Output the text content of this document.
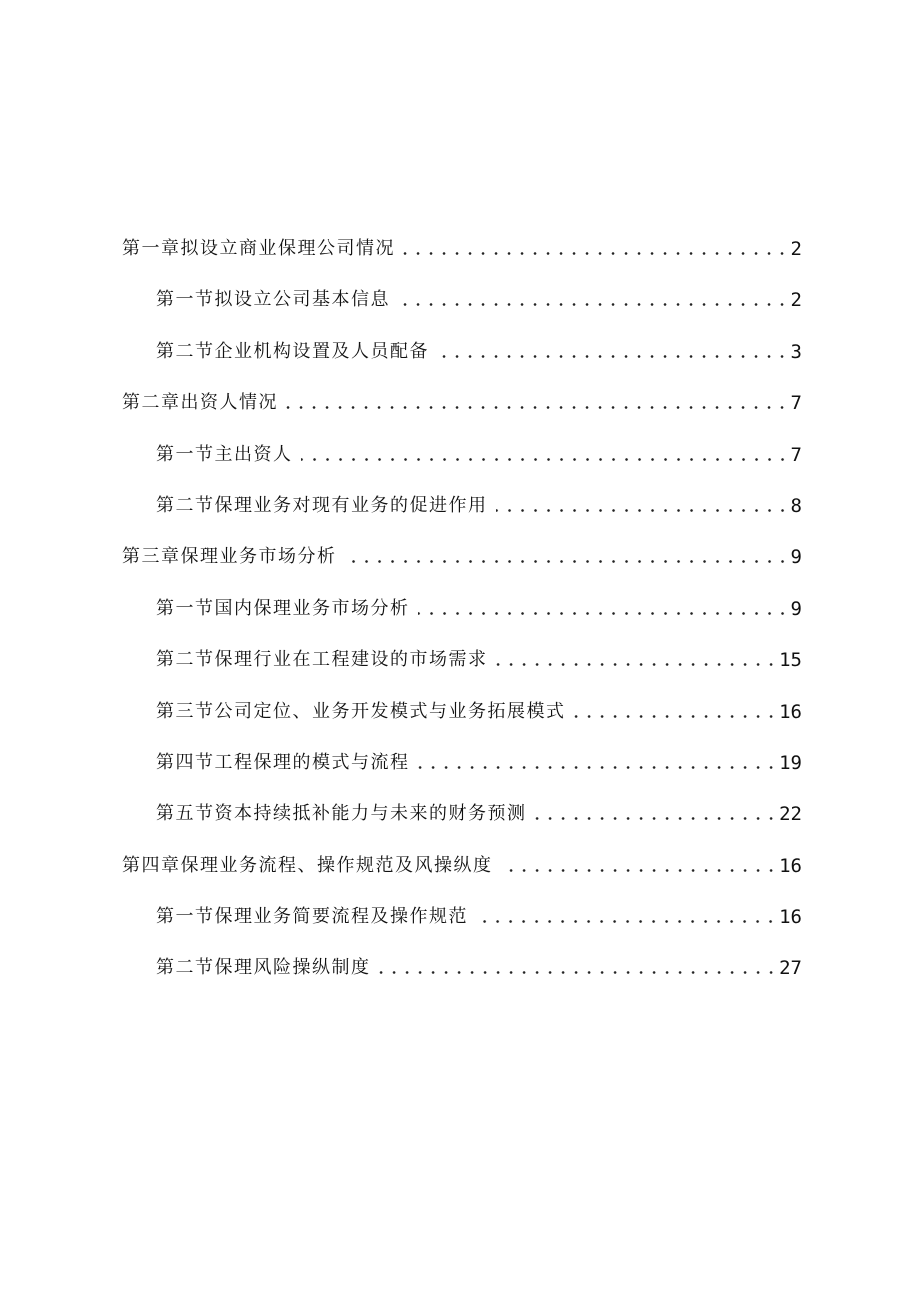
第一章拟设立商业保理公司情况	2
第一节拟设立公司基本信息	2
第二节企业机构设置及人员配备	3
第二章出资人情况	7
第一节主出资人	7
第二节保理业务对现有业务的促进作用	8
第三章保理业务市场分析	9
第一节国内保理业务市场分析	9
第二节保理行业在工程建设的市场需求	15
第三节公司定位、业务开发模式与业务拓展模式	16
第四节工程保理的模式与流程	19
第五节资本持续抵补能力与未来的财务预测	22
第四章保理业务流程、操作规范及风操纵度	16
第一节保理业务简要流程及操作规范	16
第二节保理风险操纵制度	27
